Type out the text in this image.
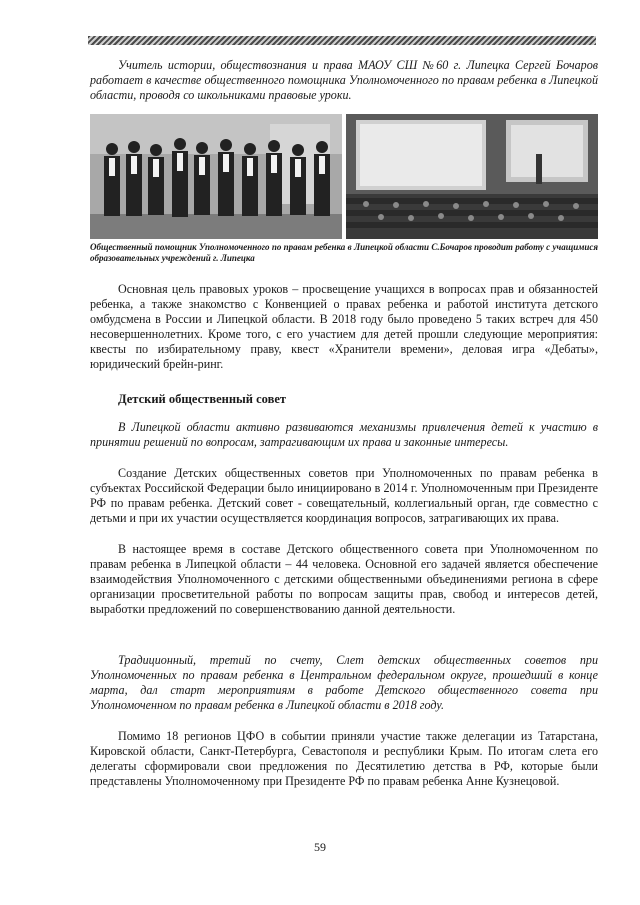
Учитель истории, обществознания и права МАОУ СШ №60 г. Липецка Сергей Бочаров работает в качестве общественного помощника Уполномоченного по правам ребенка в Липецкой области, проводя со школьниками правовые уроки.

Общественный помощник Уполномоченного по правам ребенка в Липецкой области С.Бочаров проводит работу с учащимися образовательных учреждений г. Липецка

Основная цель правовых уроков – просвещение учащихся в вопросах прав и обязанностей ребенка, а также знакомство с Конвенцией о правах ребенка и работой института детского омбудсмена в России и Липецкой области. В 2018 году было проведено 5 таких встреч для 450 несовершеннолетних. Кроме того, с его участием для детей прошли следующие мероприятия: квесты по избирательному праву, квест «Хранители времени», деловая игра «Дебаты», юридический брейн-ринг.

Детский общественный совет

В Липецкой области активно развиваются механизмы привлечения детей к участию в принятии решений по вопросам, затрагивающим их права и законные интересы.

Создание Детских общественных советов при Уполномоченных по правам ребенка в субъектах Российской Федерации было инициировано в 2014 г. Уполномоченным при Президенте РФ по правам ребенка. Детский совет - совещательный, коллегиальный орган, где совместно с детьми и при их участии осуществляется координация вопросов, затрагивающих их права.

В настоящее время в составе Детского общественного совета при Уполномоченном по правам ребенка в Липецкой области – 44 человека. Основной его задачей является обеспечение взаимодействия Уполномоченного с детскими общественными объединениями региона в сфере организации просветительной работы по вопросам защиты прав, свобод и интересов детей, выработки предложений по совершенствованию данной деятельности.

Традиционный, третий по счету, Слет детских общественных советов при Уполномоченных по правам ребенка в Центральном федеральном округе, прошедший в конце марта, дал старт мероприятиям в работе Детского общественного совета при Уполномоченном по правам ребенка в Липецкой области в 2018 году.

Помимо 18 регионов ЦФО в событии приняли участие также делегации из Татарстана, Кировской области, Санкт-Петербурга, Севастополя и республики Крым. По итогам слета его делегаты сформировали свои предложения по Десятилетию детства в РФ, которые были представлены Уполномоченному при Президенте РФ по правам ребенка Анне Кузнецовой.

59
